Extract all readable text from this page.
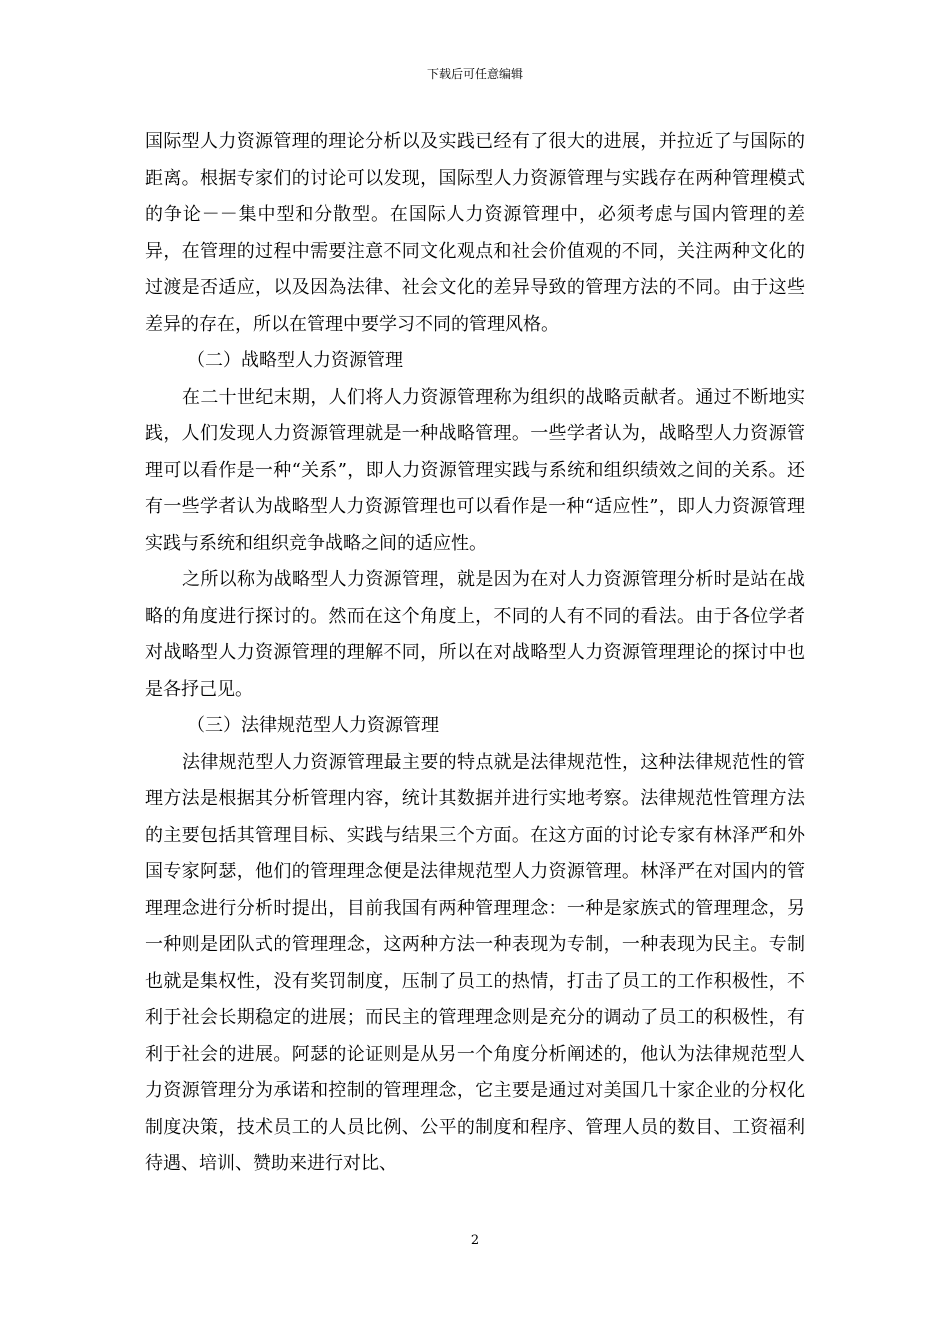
下载后可任意编辑

国际型人力资源管理的理论分析以及实践已经有了很大的进展，并拉近了与国际的距离。根据专家们的讨论可以发现，国际型人力资源管理与实践存在两种管理模式的争论－－集中型和分散型。在国际人力资源管理中，必须考虑与国内管理的差异，在管理的过程中需要注意不同文化观点和社会价值观的不同，关注两种文化的过渡是否适应，以及因為法律、社会文化的差异导致的管理方法的不同。由于这些差异的存在，所以在管理中要学习不同的管理风格。

（二）战略型人力资源管理

在二十世纪末期，人们将人力资源管理称为组织的战略贡献者。通过不断地实践，人们发现人力资源管理就是一种战略管理。一些学者认为，战略型人力资源管理可以看作是一种“关系”，即人力资源管理实践与系统和组织绩效之间的关系。还有一些学者认为战略型人力资源管理也可以看作是一种“适应性”，即人力资源管理实践与系统和组织竞争战略之间的适应性。

之所以称为战略型人力资源管理，就是因为在对人力资源管理分析时是站在战略的角度进行探讨的。然而在这个角度上，不同的人有不同的看法。由于各位学者对战略型人力资源管理的理解不同，所以在对战略型人力资源管理理论的探讨中也是各抒己见。

（三）法律规范型人力资源管理

法律规范型人力资源管理最主要的特点就是法律规范性，这种法律规范性的管理方法是根据其分析管理内容，统计其数据并进行实地考察。法律规范性管理方法的主要包括其管理目标、实践与结果三个方面。在这方面的讨论专家有林泽严和外国专家阿瑟，他们的管理理念便是法律规范型人力资源管理。林泽严在对国内的管理理念进行分析时提出，目前我国有两种管理理念：一种是家族式的管理理念，另一种则是团队式的管理理念，这两种方法一种表现为专制，一种表现为民主。专制也就是集权性，没有奖罚制度，压制了员工的热情，打击了员工的工作积极性，不利于社会长期稳定的进展；而民主的管理理念则是充分的调动了员工的积极性，有利于社会的进展。阿瑟的论证则是从另一个角度分析阐述的，他认为法律规范型人力资源管理分为承诺和控制的管理理念，它主要是通过对美国几十家企业的分权化制度决策，技术员工的人员比例、公平的制度和程序、管理人员的数目、工资福利待遇、培训、赞助来进行对比、

2
